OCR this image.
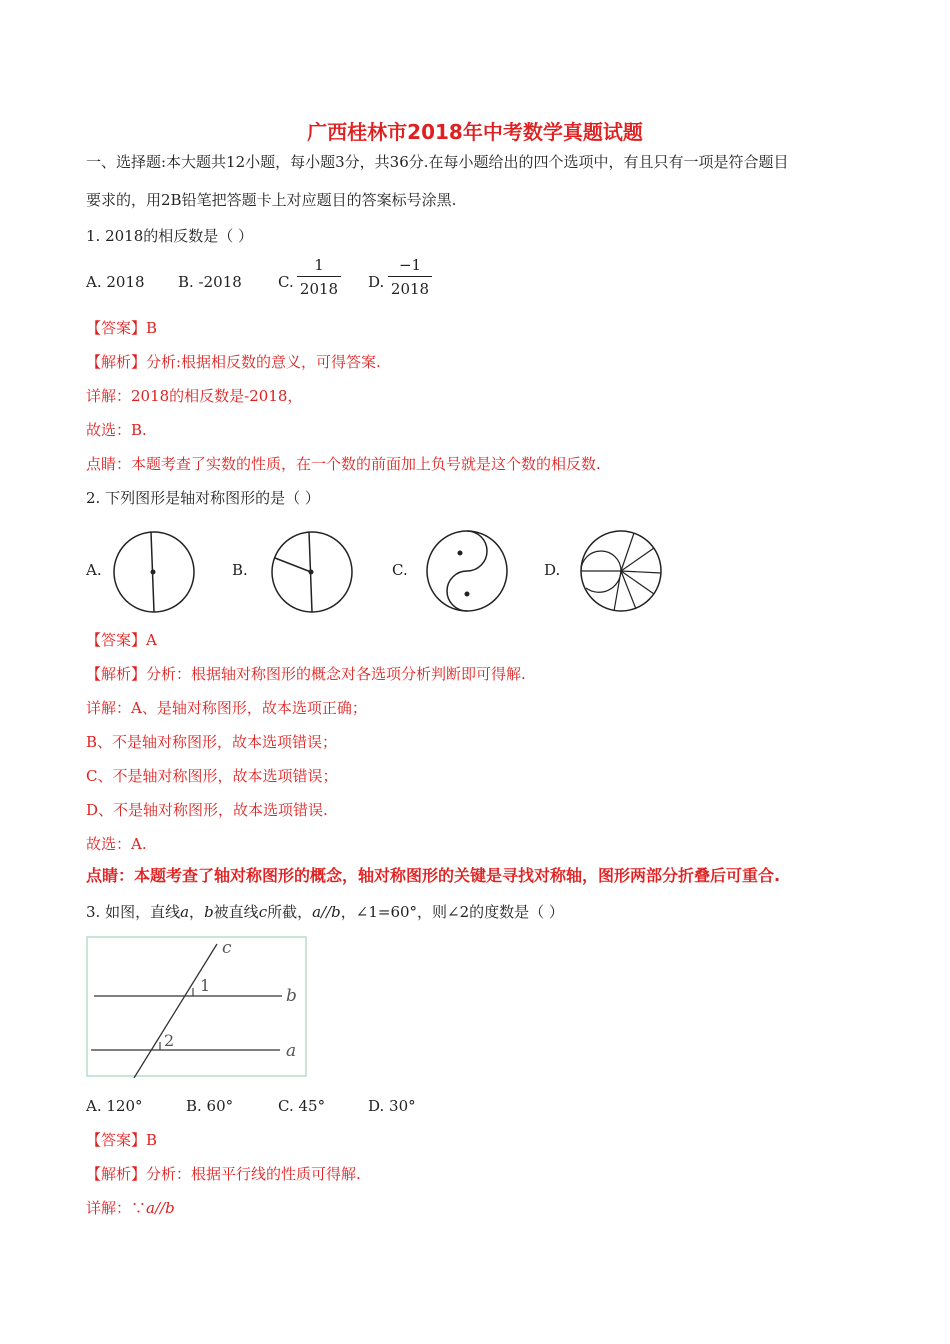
广西桂林市2018年中考数学真题试题
一、选择题:本大题共12小题，每小题3分，共36分.在每小题给出的四个选项中，有且只有一项是符合题目
要求的，用2B铅笔把答题卡上对应题目的答案标号涂黑.
1. 2018的相反数是（ ）
A. 2018 B. -2018 C. $\frac{1}{2018} D$. $\frac{-1}{2018}$
【答案】B
【解析】分析:根据相反数的意义，可得答案.
详解：2018的相反数是-2018，
故选：B.
点睛：本题考查了实数的性质，在一个数的前面加上负号就是这个数的相反数.
2. 下列图形是轴对称图形的是（ ）
A.	B.	C.	D.
【答案】A
【解析】分析：根据轴对称图形的概念对各选项分析判断即可得解.
详解：A、是轴对称图形，故本选项正确；
B、不是轴对称图形，故本选项错误；
C、不是轴对称图形，故本选项错误；
D、不是轴对称图形，故本选项错误.
故选：A.
点睛：本题考查了轴对称图形的概念，轴对称图形的关键是寻找对称轴，图形两部分折叠后可重合.
3. 如图，直线a，b被直线c所截，a//b，∠1=60°，则∠2的度数是（ ）
c
1
b
2
a
A. 120°	B. 60°	C. 45°	D. 30°
【答案】B
【解析】分析：根据平行线的性质可得解.
详解：∵a//b
